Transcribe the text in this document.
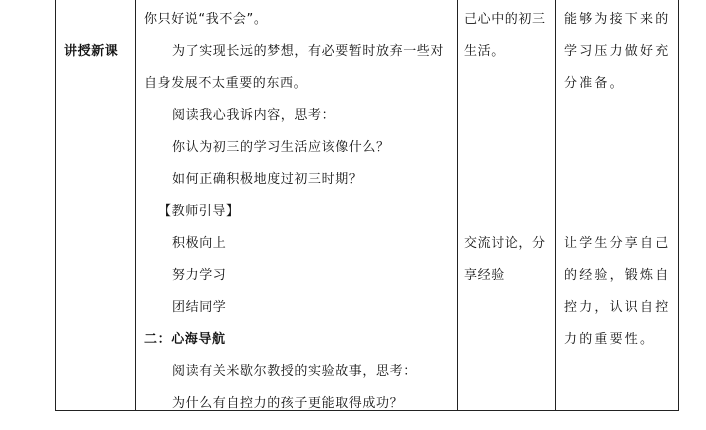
讲授新课
你只好说“我不会”。
为了实现长远的梦想，有必要暂时放弃一些对
自身发展不太重要的东西。
阅读我心我诉内容，思考：
你认为初三的学习生活应该像什么？
如何正确积极地度过初三时期？
【教师引导】
积极向上
努力学习
团结同学
二：心海导航
阅读有关米歇尔教授的实验故事，思考：
为什么有自控力的孩子更能取得成功？
己心中的初三
生活。
交流讨论，分
享经验
能够为接下来的
学习压力做好充
分准备。
让学生分享自己
的经验，锻炼自
控力，认识自控
力的重要性。
